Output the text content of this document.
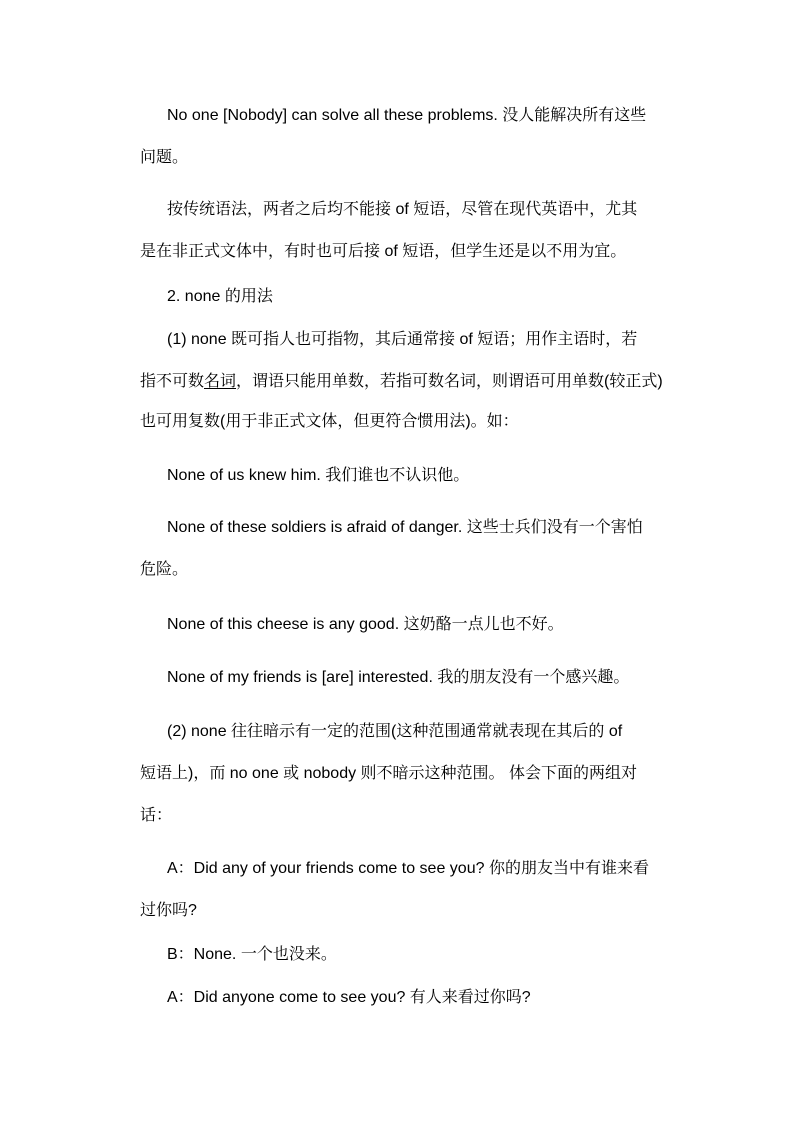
No one [Nobody] can solve all these problems. 没人能解决所有这些
问题。
按传统语法，两者之后均不能接 of 短语，尽管在现代英语中，尤其
是在非正式文体中，有时也可后接 of 短语，但学生还是以不用为宜。
2. none 的用法
(1) none 既可指人也可指物，其后通常接 of 短语；用作主语时，若
指不可数名词，谓语只能用单数，若指可数名词，则谓语可用单数(较正式)
也可用复数(用于非正式文体，但更符合惯用法)。如：
None of us knew him. 我们谁也不认识他。
None of these soldiers is afraid of danger. 这些士兵们没有一个害怕
危险。
None of this cheese is any good. 这奶酪一点儿也不好。
None of my friends is [are] interested. 我的朋友没有一个感兴趣。
(2) none 往往暗示有一定的范围(这种范围通常就表现在其后的 of
短语上)，而 no one 或 nobody 则不暗示这种范围。 体会下面的两组对
话：
A：Did any of your friends come to see you? 你的朋友当中有谁来看
过你吗?
B：None. 一个也没来。
A：Did anyone come to see you? 有人来看过你吗?
